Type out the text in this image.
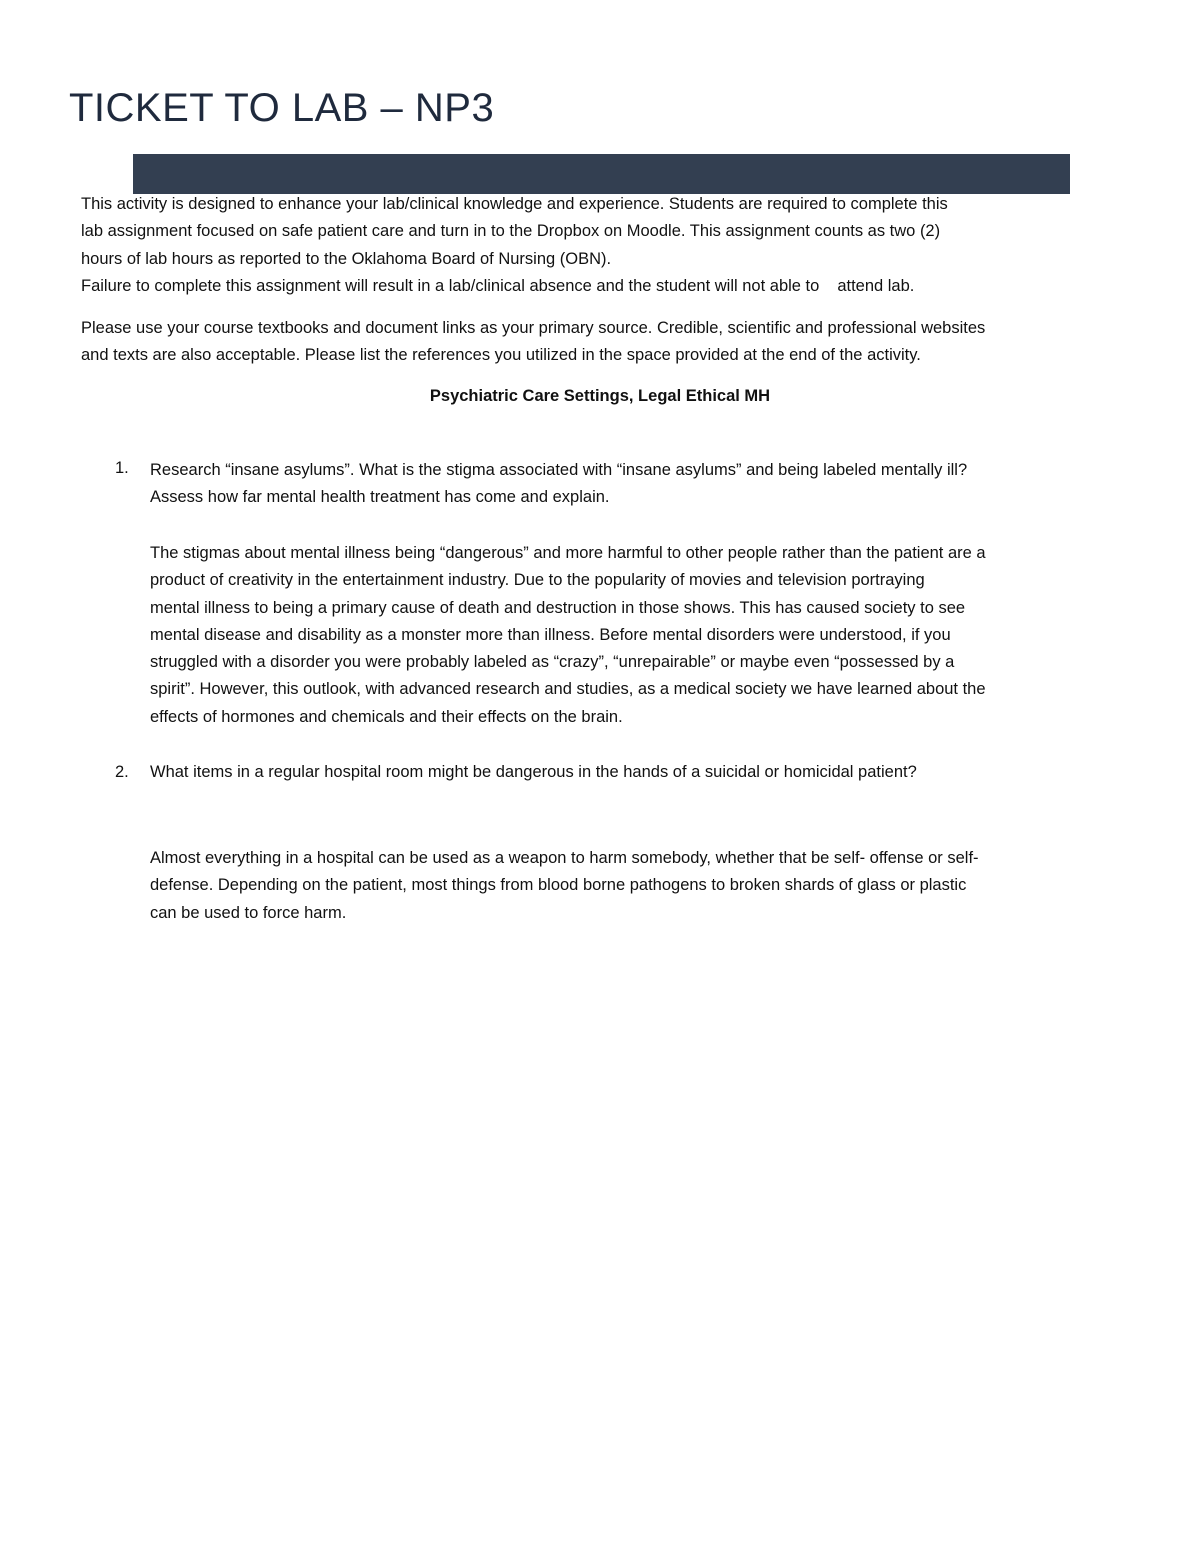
TICKET TO LAB – NP3

This activity is designed to enhance your lab/clinical knowledge and experience. Students are required to complete this

lab assignment focused on safe patient care and turn in to the Dropbox on Moodle. This assignment counts as two (2)

hours of lab hours as reported to the Oklahoma Board of Nursing (OBN).

Failure to complete this assignment will result in a lab/clinical absence and the student will not able to attend lab.

Please use your course textbooks and document links as your primary source. Credible, scientific and professional websites

and texts are also acceptable. Please list the references you utilized in the space provided at the end of the activity.

Psychiatric Care Settings, Legal Ethical MH
1. Research “insane asylums”. What is the stigma associated with “insane asylums” and being labeled mentally ill?

Assess how far mental health treatment has come and explain.

The stigmas about mental illness being “dangerous” and more harmful to other people rather than the patient are a

product of creativity in the entertainment industry. Due to the popularity of movies and television portraying

mental illness to being a primary cause of death and destruction in those shows. This has caused society to see

mental disease and disability as a monster more than illness. Before mental disorders were understood, if you

struggled with a disorder you were probably labeled as “crazy”, “unrepairable” or maybe even “possessed by a

spirit”. However, this outlook, with advanced research and studies, as a medical society we have learned about the

effects of hormones and chemicals and their effects on the brain.

2. What items in a regular hospital room might be dangerous in the hands of a suicidal or homicidal patient?

Almost everything in a hospital can be used as a weapon to harm somebody, whether that be self- offense or self-

defense. Depending on the patient, most things from blood borne pathogens to broken shards of glass or plastic

can be used to force harm.
